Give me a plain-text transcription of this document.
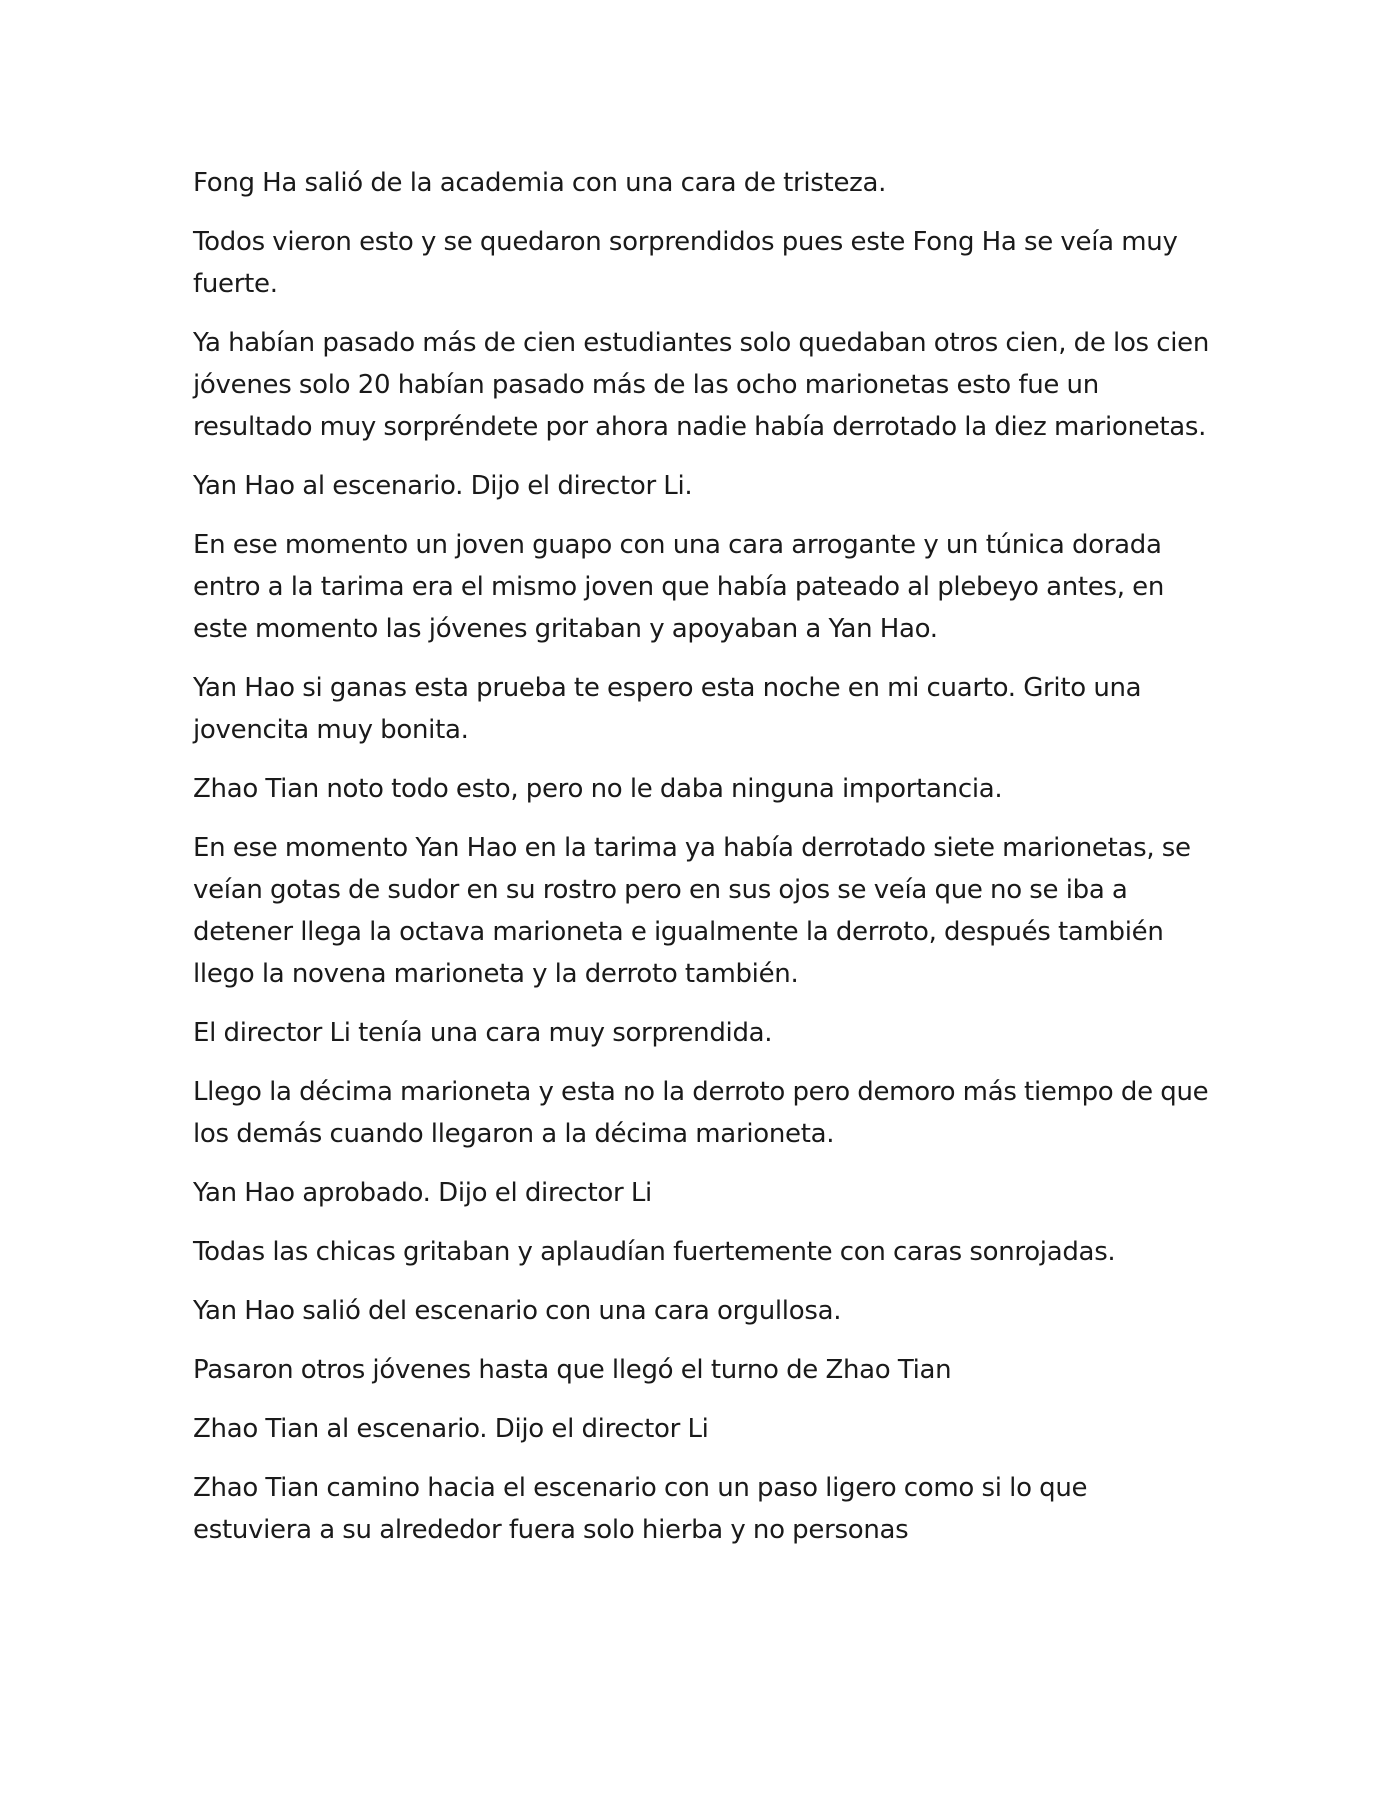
Fong Ha salió de la academia con una cara de tristeza.

Todos vieron esto y se quedaron sorprendidos pues este Fong Ha se veía muy fuerte.

Ya habían pasado más de cien estudiantes solo quedaban otros cien, de los cien jóvenes solo 20 habían pasado más de las ocho marionetas esto fue un resultado muy sorpréndete por ahora nadie había derrotado la diez marionetas.

Yan Hao al escenario. Dijo el director Li.

En ese momento un joven guapo con una cara arrogante y un túnica dorada entro a la tarima era el mismo joven que había pateado al plebeyo antes, en este momento las jóvenes gritaban y apoyaban a Yan Hao.

Yan Hao si ganas esta prueba te espero esta noche en mi cuarto. Grito una jovencita muy bonita.

Zhao Tian noto todo esto, pero no le daba ninguna importancia.

En ese momento Yan Hao en la tarima ya había derrotado siete marionetas, se veían gotas de sudor en su rostro pero en sus ojos se veía que no se iba a detener llega la octava marioneta e igualmente la derroto, después también llego la novena marioneta y la derroto también.

El director Li tenía una cara muy sorprendida.

Llego la décima marioneta y esta no la derroto pero demoro más tiempo de que los demás cuando llegaron a la décima marioneta.

Yan Hao aprobado. Dijo el director Li

Todas las chicas gritaban y aplaudían fuertemente con caras sonrojadas.

Yan Hao salió del escenario con una cara orgullosa.

Pasaron otros jóvenes hasta que llegó el turno de Zhao Tian

Zhao Tian al escenario. Dijo el director Li

Zhao Tian camino hacia el escenario con un paso ligero como si lo que estuviera a su alrededor fuera solo hierba y no personas
